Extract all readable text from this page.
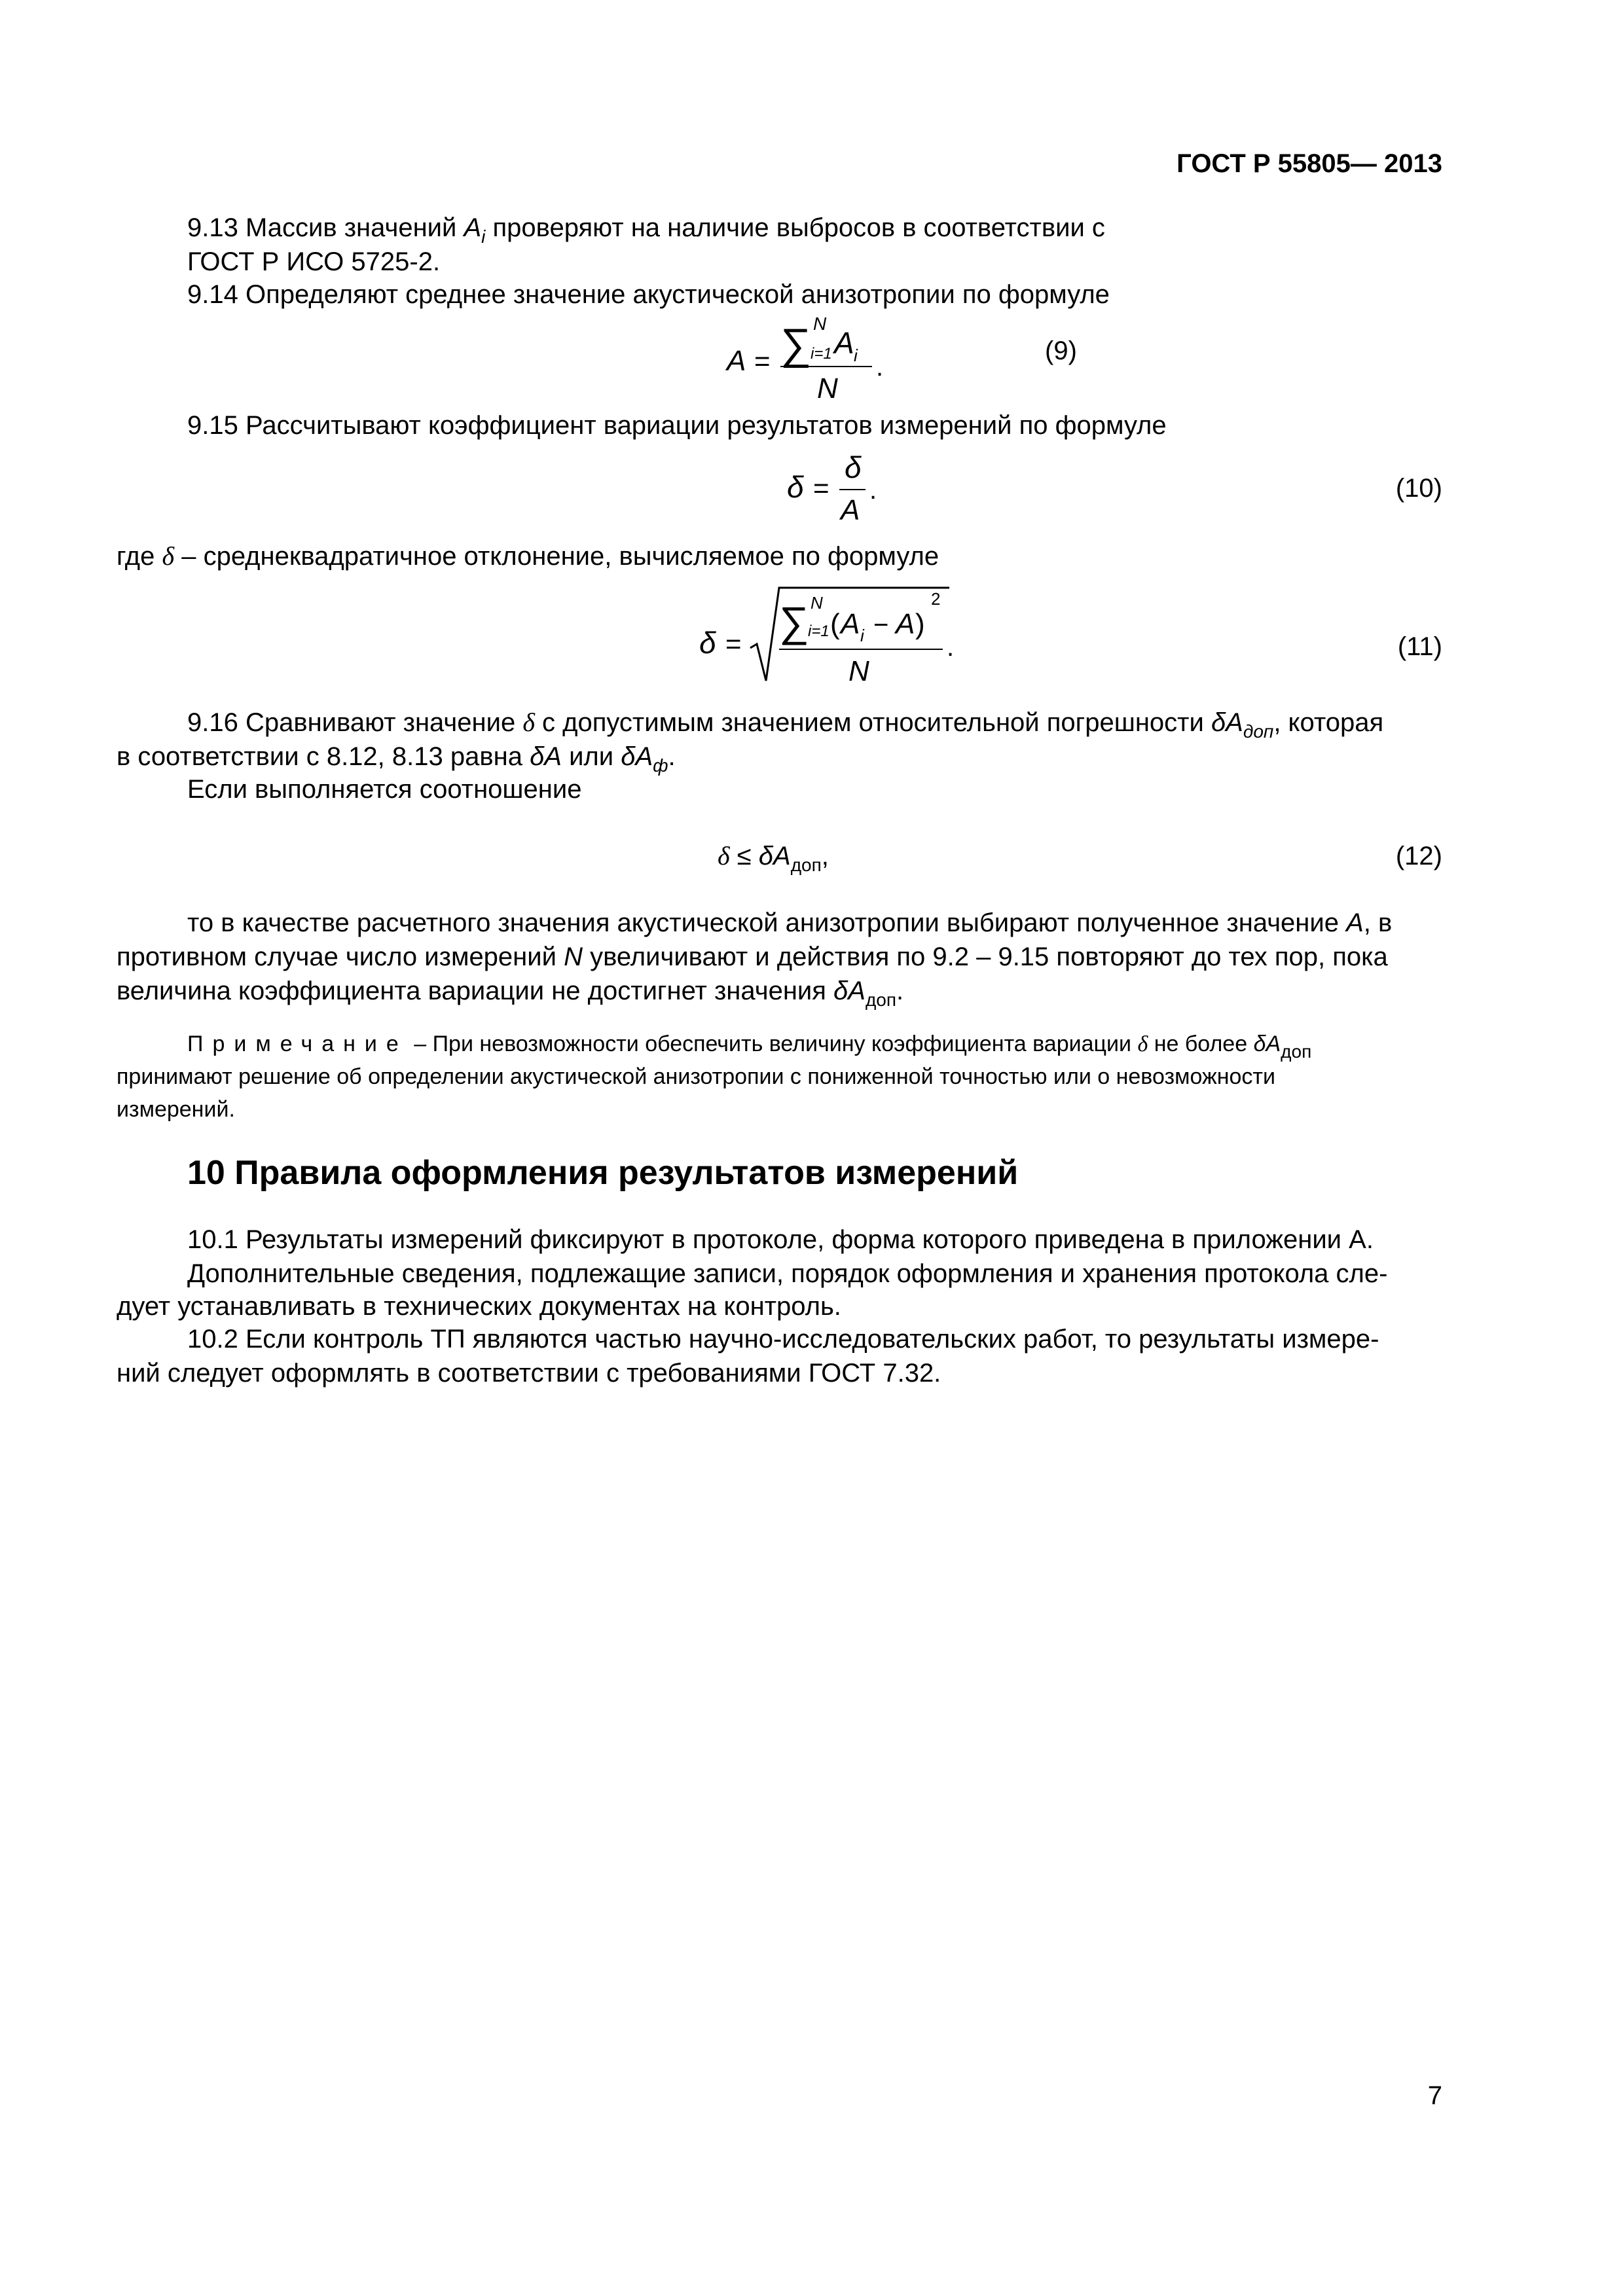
ГОСТ Р 55805— 2013
9.13 Массив значений $A_i$ проверяют на наличие выбросов в соответствии с
ГОСТ Р ИСО 5725-2.
9.14 Определяют среднее значение акустической анизотропии по формуле
A = ∑ N
i=1 A i
N
.
(9)
9.15 Рассчитывают коэффициент вариации результатов измерений по формуле
δ =
δ
A
.	(10)
где δ – среднеквадратичное отклонение, вычисляемое по формуле
δ = ∑ N
i=1 ( A i − A )
2
N
.	(11)
9.16 Сравнивают значение δ с допустимым значением относительной погрешности $\delta A_{доп}$, которая
в соответствии с 8.12, 8.13 равна δA или $\delta A_ф$.
Если выполняется соотношение
$\delta \le \delta A_{доп}$,	(12)
то в качестве расчетного значения акустической анизотропии выбирают полученное значение A, в
противном случае число измерений N увеличивают и действия по 9.2 – 9.15 повторяют до тех пор, пока
величина коэффициента вариации не достигнет значения $\delta A_{доп}$.
Примечание – При невозможности обеспечить величину коэффициента вариации δ не более $\delta A_{доп}$
принимают решение об определении акустической анизотропии с пониженной точностью или о невозможности
измерений.
10 Правила оформления результатов измерений
10.1 Результаты измерений фиксируют в протоколе, форма которого приведена в приложении А.
Дополнительные сведения, подлежащие записи, порядок оформления и хранения протокола сле-
дует устанавливать в технических документах на контроль.
10.2 Если контроль ТП являются частью научно-исследовательских работ, то результаты измере-
ний следует оформлять в соответствии с требованиями ГОСТ 7.32.
7
